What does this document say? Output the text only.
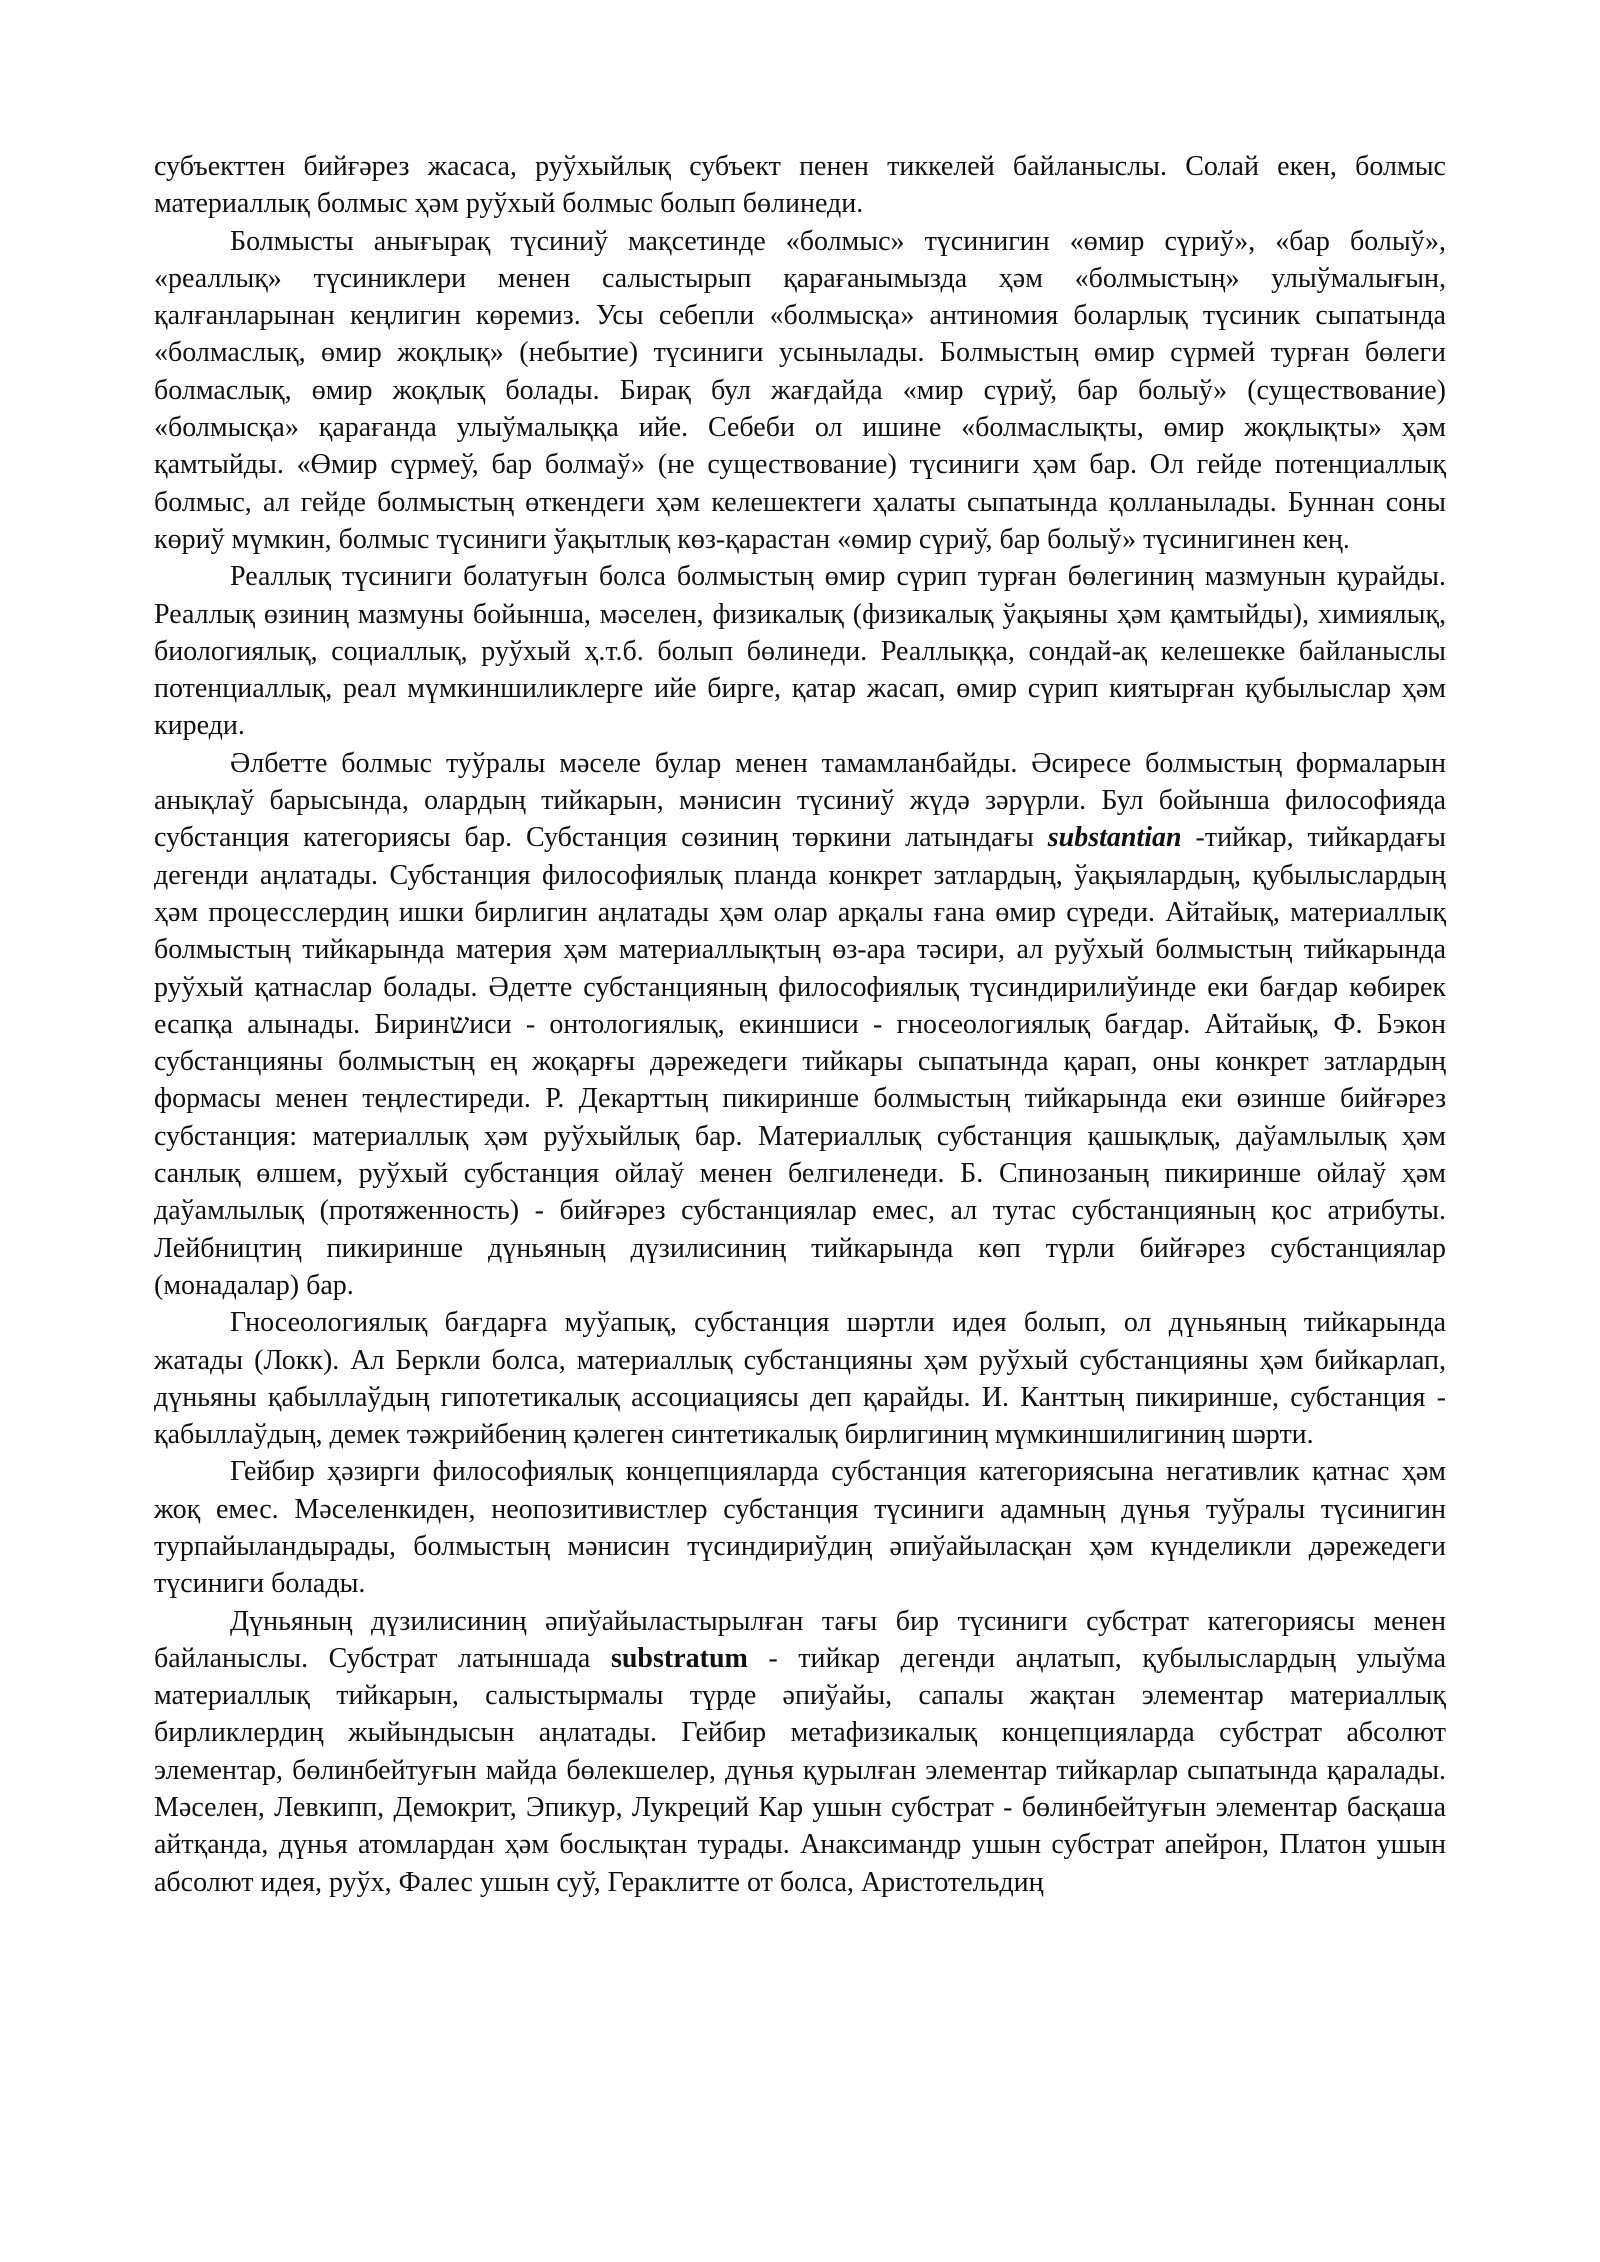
субъекттен бийғәрез жасаса, руўхыйлық субъект пенен тиккелей байланыслы. Солай екен, болмыс материаллық болмыс ҳәм руўхый болмыс болып бөлинеди.

Болмысты анығырақ түсиниў мақсетинде «болмыс» түсинигин «өмир сүриў», «бар болыў», «реаллық» түсиниклери менен салыстырып қарағанымызда ҳәм «болмыстың» улыўмалығын, қалғанларынан кеңлигин көремиз. Усы себепли «болмысқа» антиномия боларлық түсиник сыпатында «болмаслық, өмир жоқлық» (небытие) түсиниги усынылады. Болмыстың өмир сүрмей турған бөлеги болмаслық, өмир жоқлық болады. Бирақ бул жағдайда «мир сүриў, бар болыў» (существование) «болмысқа» қарағанда улыўмалыққа ийе. Себеби ол ишине «болмаслықты, өмир жоқлықты» ҳәм қамтыйды. «Өмир сүрмеў, бар болмаў» (не существование) түсиниги ҳәм бар. Ол гейде потенциаллық болмыс, ал гейде болмыстың өткендеги ҳәм келешектеги ҳалаты сыпатында қолланылады. Буннан соны көриў мүмкин, болмыс түсиниги ўақытлық көз-қарастан «өмир сүриў, бар болыў» түсинигинен кең.

Реаллық түсиниги болатуғын болса болмыстың өмир сүрип турған бөлегиниң мазмунын қурайды. Реаллық өзиниң мазмуны бойынша, мәселен, физикалық (физикалық ўақыяны ҳәм қамтыйды), химиялық, биологиялық, социаллық, руўхый ҳ.т.б. болып бөлинеди. Реаллыққа, сондай-ақ келешекке байланыслы потенциаллық, реал мүмкиншиликлерге ийе бирге, қатар жасап, өмир сүрип киятырған қубылыслар ҳәм киреди.

Әлбетте болмыс туўралы мәселе булар менен тамамланбайды. Әсиресе болмыстың формаларын анықлаў барысында, олардың тийкарын, мәнисин түсиниў жүдә зәрүрли. Бул бойынша философияда субстанция категориясы бар. Субстанция сөзиниң төркини латындағы substantian -тийкар, тийкардағы дегенди аңлатады. Субстанция философиялық планда конкрет затлардың, ўақыялардың, қубылыслардың ҳәм процесслердиң ишки бирлигин аңлатады ҳәм олар арқалы ғана өмир сүреди. Айтайық, материаллық болмыстың тийкарында материя ҳәм материаллықтың өз-ара тәсири, ал руўхый болмыстың тийкарында руўхый қатнаслар болады. Әдетте субстанцияның философиялық түсиндирилиўинде еки бағдар көбирек есапқа алынады. Биринשиси - онтологиялық, екиншиси - гносеологиялық бағдар. Айтайық, Ф. Бэкон субстанцияны болмыстың ең жоқарғы дәрежедеги тийкары сыпатында қарап, оны конкрет затлардың формасы менен теңлестиреди. Р. Декарттың пикиринше болмыстың тийкарында еки өзинше бийғәрез субстанция: материаллық ҳәм руўхыйлық бар. Материаллық субстанция қашықлық, даўамлылық ҳәм санлық өлшем, руўхый субстанция ойлаў менен белгиленеди. Б. Спинозаның пикиринше ойлаў ҳәм даўамлылық (протяженность) - бийғәрез субстанциялар емес, ал тутас субстанцияның қос атрибуты. Лейбництиң пикиринше дүньяның дүзилисиниң тийкарында көп түрли бийғәрез субстанциялар (монадалар) бар.

Гносеологиялық бағдарға муўапық, субстанция шәртли идея болып, ол дүньяның тийкарында жатады (Локк). Ал Беркли болса, материаллық субстанцияны ҳәм руўхый субстанцияны ҳәм бийкарлап, дүньяны қабыллаўдың гипотетикалық ассоциациясы деп қарайды. И. Канттың пикиринше, субстанция - қабыллаўдың, демек тәжрийбениң қәлеген синтетикалық бирлигиниң мүмкиншилигиниң шәрти.

Гейбир ҳәзирги философиялық концепцияларда субстанция категориясына негативлик қатнас ҳәм жоқ емес. Мәселенкиден, неопозитивистлер субстанция түсиниги адамның дүнья туўралы түсинигин турпайыландырады, болмыстың мәнисин түсиндириўдиң әпиўайыласқан ҳәм күнделикли дәрежедеги түсиниги болады.

Дүньяның дүзилисиниң әпиўайыластырылған тағы бир түсиниги субстрат категориясы менен байланыслы. Субстрат латыншада substratum - тийкар дегенди аңлатып, қубылыслардың улыўма материаллық тийкарын, салыстырмалы түрде әпиўайы, сапалы жақтан элементар материаллық бирликлердиң жыйындысын аңлатады. Гейбир метафизикалық концепцияларда субстрат абсолют элементар, бөлинбейтуғын майда бөлекшелер, дүнья қурылған элементар тийкарлар сыпатында қаралады. Мәселен, Левкипп, Демокрит, Эпикур, Лукреций Кар ушын субстрат - бөлинбейтуғын элементар басқаша айтқанда, дүнья атомлардан ҳәм бослықтан турады. Анаксимандр ушын субстрат апейрон, Платон ушын абсолют идея, руўх, Фалес ушын суў, Гераклитте от болса, Аристотельдиң
